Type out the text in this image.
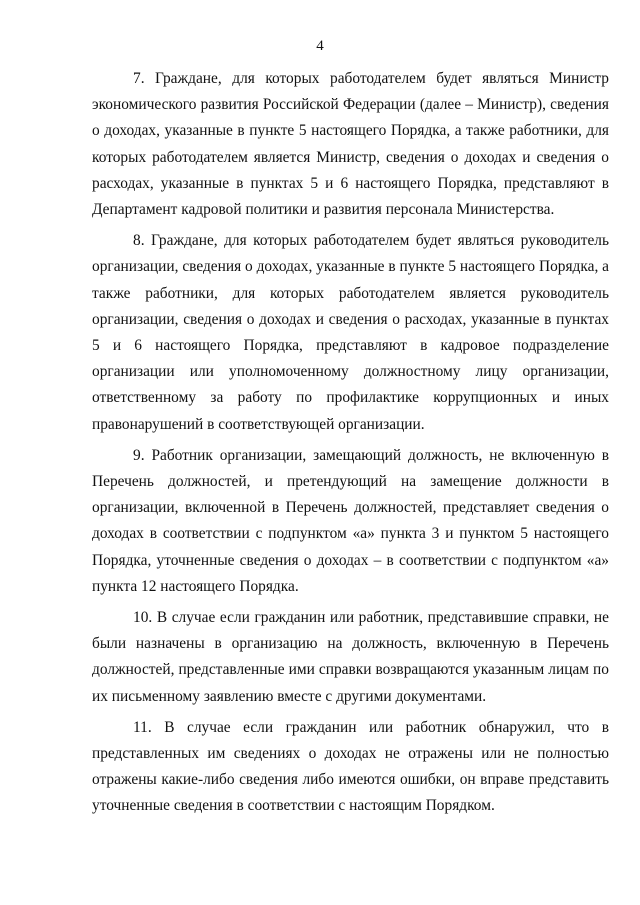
4

7. Граждане, для которых работодателем будет являться Министр экономического развития Российской Федерации (далее – Министр), сведения о доходах, указанные в пункте 5 настоящего Порядка, а также работники, для которых работодателем является Министр, сведения о доходах и сведения о расходах, указанные в пунктах 5 и 6 настоящего Порядка, представляют в Департамент кадровой политики и развития персонала Министерства.

8. Граждане, для которых работодателем будет являться руководитель организации, сведения о доходах, указанные в пункте 5 настоящего Порядка, а также работники, для которых работодателем является руководитель организации, сведения о доходах и сведения о расходах, указанные в пунктах 5 и 6 настоящего Порядка, представляют в кадровое подразделение организации или уполномоченному должностному лицу организации, ответственному за работу по профилактике коррупционных и иных правонарушений в соответствующей организации.

9. Работник организации, замещающий должность, не включенную в Перечень должностей, и претендующий на замещение должности в организации, включенной в Перечень должностей, представляет сведения о доходах в соответствии с подпунктом «а» пункта 3 и пунктом 5 настоящего Порядка, уточненные сведения о доходах – в соответствии с подпунктом «а» пункта 12 настоящего Порядка.

10. В случае если гражданин или работник, представившие справки, не были назначены в организацию на должность, включенную в Перечень должностей, представленные ими справки возвращаются указанным лицам по их письменному заявлению вместе с другими документами.

11. В случае если гражданин или работник обнаружил, что в представленных им сведениях о доходах не отражены или не полностью отражены какие-либо сведения либо имеются ошибки, он вправе представить уточненные сведения в соответствии с настоящим Порядком.
